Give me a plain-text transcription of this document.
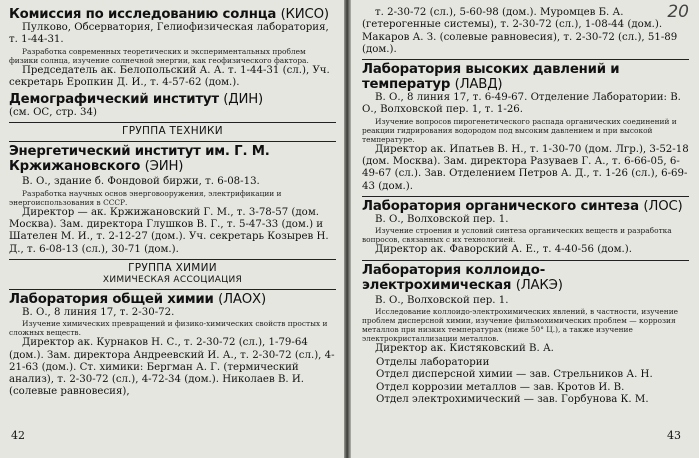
Комиссия по исследованию солнца (КИСО)

Пулково, Обсерватория, Гелиофизическая лаборатория, т. 1-44-31.

Разработка современных теоретических и экспериментальных проблем физики солнца, изучение солнечной энергии, как геофизического фактора.

Председатель ак. Белопольский А. А. т. 1-44-31 (сл.), Уч. секретарь Еропкин Д. И., т. 4-57-62 (дом.).

Демографический институт (ДИН)

(см. ОС, стр. 34)

ГРУППА ТЕХНИКИ

Энергетический институт им. Г. М. Кржижановского (ЭИН)

В. О., здание б. Фондовой биржи, т. 6-08-13.

Разработка научных основ энерговооружения, электрификации и энергоиспользования в СССР.

Директор — ак. Кржижановский Г. М., т. 3-78-57 (дом. Москва). Зам. директора Глушков В. Г., т. 5-47-33 (дом.) и Шателен М. И., т. 2-12-27 (дом.). Уч. секретарь Козырев Н. Д., т. 6-08-13 (сл.), 30-71 (дом.).

ГРУППА ХИМИИ

ХИМИЧЕСКАЯ АССОЦИАЦИЯ

Лаборатория общей химии (ЛАОХ)

В. О., 8 линия 17, т. 2-30-72.

Изучение химических превращений и физико-химических свойств простых и сложных веществ.

Директор ак. Курнаков Н. С., т. 2-30-72 (сл.), 1-79-64 (дом.). Зам. директора Андреевский И. А., т. 2-30-72 (сл.), 4-21-63 (дом.). Ст. химики: Бергман А. Г. (термический анализ), т. 2-30-72 (сл.), 4-72-34 (дом.). Николаев В. И. (солевые равновесия),

42
20

т. 2-30-72 (сл.), 5-60-98 (дом.). Муромцев Б. А. (гетерогенные системы), т. 2-30-72 (сл.), 1-08-44 (дом.). Макаров А. З. (солевые равновесия), т. 2-30-72 (сл.), 51-89 (дом.).

Лаборатория высоких давлений и температур (ЛАВД)

В. О., 8 линия 17, т. 6-49-67. Отделение Лаборатории: В. О., Волховской пер. 1, т. 1-26.

Изучение вопросов пирогенетического распада органических соединений и реакции гидрирования водородом под высоким давлением и при высокой температуре.

Директор ак. Ипатьев В. Н., т. 1-30-70 (дом. Лгр.), 3-52-18 (дом. Москва). Зам. директора Разуваев Г. А., т. 6-66-05, 6-49-67 (сл.). Зав. Отделением Петров А. Д., т. 1-26 (сл.), 6-69-43 (дом.).

Лаборатория органического синтеза (ЛОС)

В. О., Волховской пер. 1.

Изучение строения и условий синтеза органических веществ и разработка вопросов, связанных с их технологией.

Директор ак. Фаворский А. Е., т. 4-40-56 (дом.).

Лаборатория коллоидо-электрохимическая (ЛАКЭ)

В. О., Волховской пер. 1.

Исследование коллоидо-электрохимических явлений, в частности, изучение проблем дисперсной химии, изучение фильмохимических проблем — коррозия металлов при низких температурах (ниже 50° Ц.), а также изучение электрокристаллизации металлов.

Директор ак. Кистяковский В. А.

Отделы лаборатории

Отдел дисперсной химии — зав. Стрельников А. Н.

Отдел коррозии металлов — зав. Кротов И. В.

Отдел электрохимический — зав. Горбунова К. М.

43
